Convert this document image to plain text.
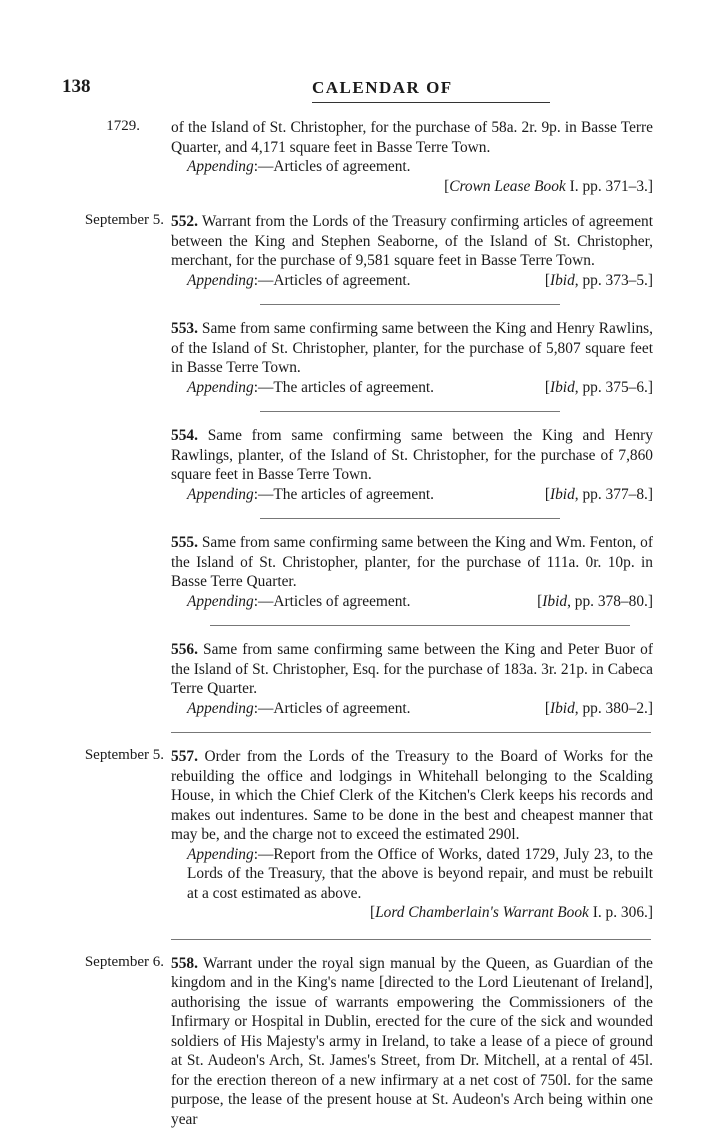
138	CALENDAR OF
1729. of the Island of St. Christopher, for the purchase of 58a. 2r. 9p. in Basse Terre Quarter, and 4,171 square feet in Basse Terre Town.

Appending:—Articles of agreement.

[Crown Lease Book I. pp. 371–3.]

September 5. 552. Warrant from the Lords of the Treasury confirming articles of agreement between the King and Stephen Seaborne, of the Island of St. Christopher, merchant, for the purchase of 9,581 square feet in Basse Terre Town.

Appending:—Articles of agreement.	[Ibid, pp. 373–5.]

553. Same from same confirming same between the King and Henry Rawlins, of the Island of St. Christopher, planter, for the purchase of 5,807 square feet in Basse Terre Town.

Appending:—The articles of agreement.	[Ibid, pp. 375–6.]

554. Same from same confirming same between the King and Henry Rawlings, planter, of the Island of St. Christopher, for the purchase of 7,860 square feet in Basse Terre Town.

Appending:—The articles of agreement.	[Ibid, pp. 377–8.]

555. Same from same confirming same between the King and Wm. Fenton, of the Island of St. Christopher, planter, for the purchase of 111a. 0r. 10p. in Basse Terre Quarter.

Appending:—Articles of agreement.	[Ibid, pp. 378–80.]

556. Same from same confirming same between the King and Peter Buor of the Island of St. Christopher, Esq. for the purchase of 183a. 3r. 21p. in Cabeca Terre Quarter.

Appending:—Articles of agreement.	[Ibid, pp. 380–2.]

September 5. 557. Order from the Lords of the Treasury to the Board of Works for the rebuilding the office and lodgings in Whitehall belonging to the Scalding House, in which the Chief Clerk of the Kitchen's Clerk keeps his records and makes out indentures. Same to be done in the best and cheapest manner that may be, and the charge not to exceed the estimated 290l.

Appending:—Report from the Office of Works, dated 1729, July 23, to the Lords of the Treasury, that the above is beyond repair, and must be rebuilt at a cost estimated as above.

[Lord Chamberlain's Warrant Book I. p. 306.]

September 6. 558. Warrant under the royal sign manual by the Queen, as Guardian of the kingdom and in the King's name [directed to the Lord Lieutenant of Ireland], authorising the issue of warrants empowering the Commissioners of the Infirmary or Hospital in Dublin, erected for the cure of the sick and wounded soldiers of His Majesty's army in Ireland, to take a lease of a piece of ground at St. Audeon's Arch, St. James's Street, from Dr. Mitchell, at a rental of 45l. for the erection thereon of a new infirmary at a net cost of 750l. for the same purpose, the lease of the present house at St. Audeon's Arch being within one year
